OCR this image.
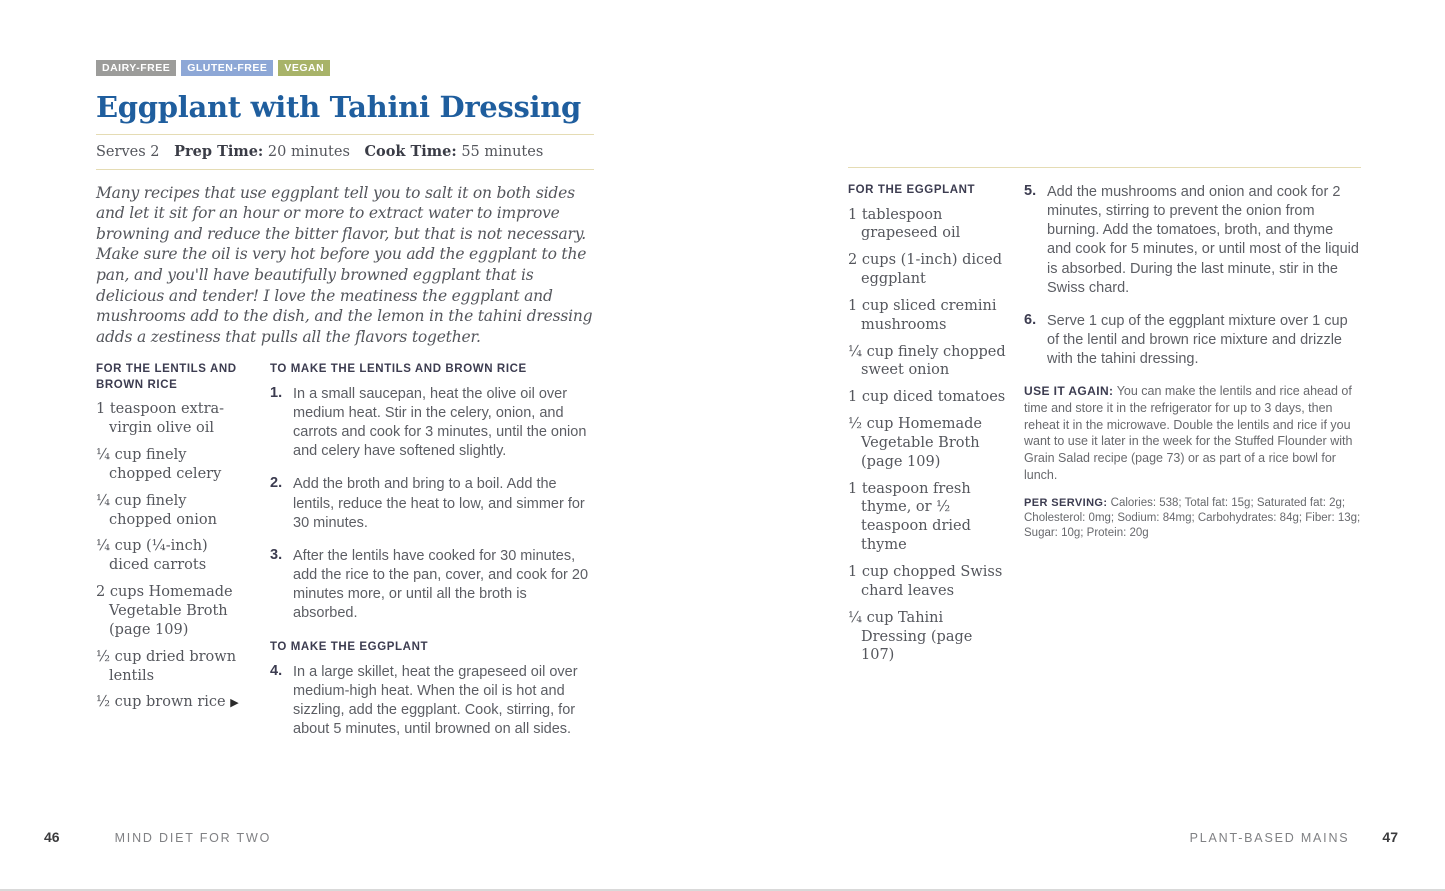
DAIRY-FREE	GLUTEN-FREE	VEGAN
Eggplant with Tahini Dressing
Serves 2 Prep Time: 20 minutes Cook Time: 55 minutes

Many recipes that use eggplant tell you to salt it on both sides and let it sit for an hour or more to extract water to improve browning and reduce the bitter flavor, but that is not necessary. Make sure the oil is very hot before you add the eggplant to the pan, and you'll have beautifully browned eggplant that is delicious and tender! I love the meatiness the eggplant and mushrooms add to the dish, and the lemon in the tahini dressing adds a zestiness that pulls all the flavors together.

FOR THE LENTILS AND BROWN RICE
1 teaspoon extra-virgin olive oil
¼ cup finely chopped celery
¼ cup finely chopped onion
¼ cup (¼-inch) diced carrots
2 cups Homemade Vegetable Broth (page 109)
½ cup dried brown lentils
½ cup brown rice ▶
TO MAKE THE LENTILS AND BROWN RICE
1. In a small saucepan, heat the olive oil over medium heat. Stir in the celery, onion, and carrots and cook for 3 minutes, until the onion and celery have softened slightly.
2. Add the broth and bring to a boil. Add the lentils, reduce the heat to low, and simmer for 30 minutes.
3. After the lentils have cooked for 30 minutes, add the rice to the pan, cover, and cook for 20 minutes more, or until all the broth is absorbed.
TO MAKE THE EGGPLANT
4. In a large skillet, heat the grapeseed oil over medium-high heat. When the oil is hot and sizzling, add the eggplant. Cook, stirring, for about 5 minutes, until browned on all sides.
FOR THE EGGPLANT
1 tablespoon grapeseed oil
2 cups (1-inch) diced eggplant
1 cup sliced cremini mushrooms
¼ cup finely chopped sweet onion
1 cup diced tomatoes
½ cup Homemade Vegetable Broth (page 109)
1 teaspoon fresh thyme, or ½ teaspoon dried thyme
1 cup chopped Swiss chard leaves
¼ cup Tahini Dressing (page 107)
5. Add the mushrooms and onion and cook for 2 minutes, stirring to prevent the onion from burning. Add the tomatoes, broth, and thyme and cook for 5 minutes, or until most of the liquid is absorbed. During the last minute, stir in the Swiss chard.
6. Serve 1 cup of the eggplant mixture over 1 cup of the lentil and brown rice mixture and drizzle with the tahini dressing.

USE IT AGAIN: You can make the lentils and rice ahead of time and store it in the refrigerator for up to 3 days, then reheat it in the microwave. Double the lentils and rice if you want to use it later in the week for the Stuffed Flounder with Grain Salad recipe (page 73) or as part of a rice bowl for lunch.

PER SERVING: Calories: 538; Total fat: 15g; Saturated fat: 2g; Cholesterol: 0mg; Sodium: 84mg; Carbohydrates: 84g; Fiber: 13g; Sugar: 10g; Protein: 20g

46	MIND DIET FOR TWO	PLANT-BASED MAINS 47
